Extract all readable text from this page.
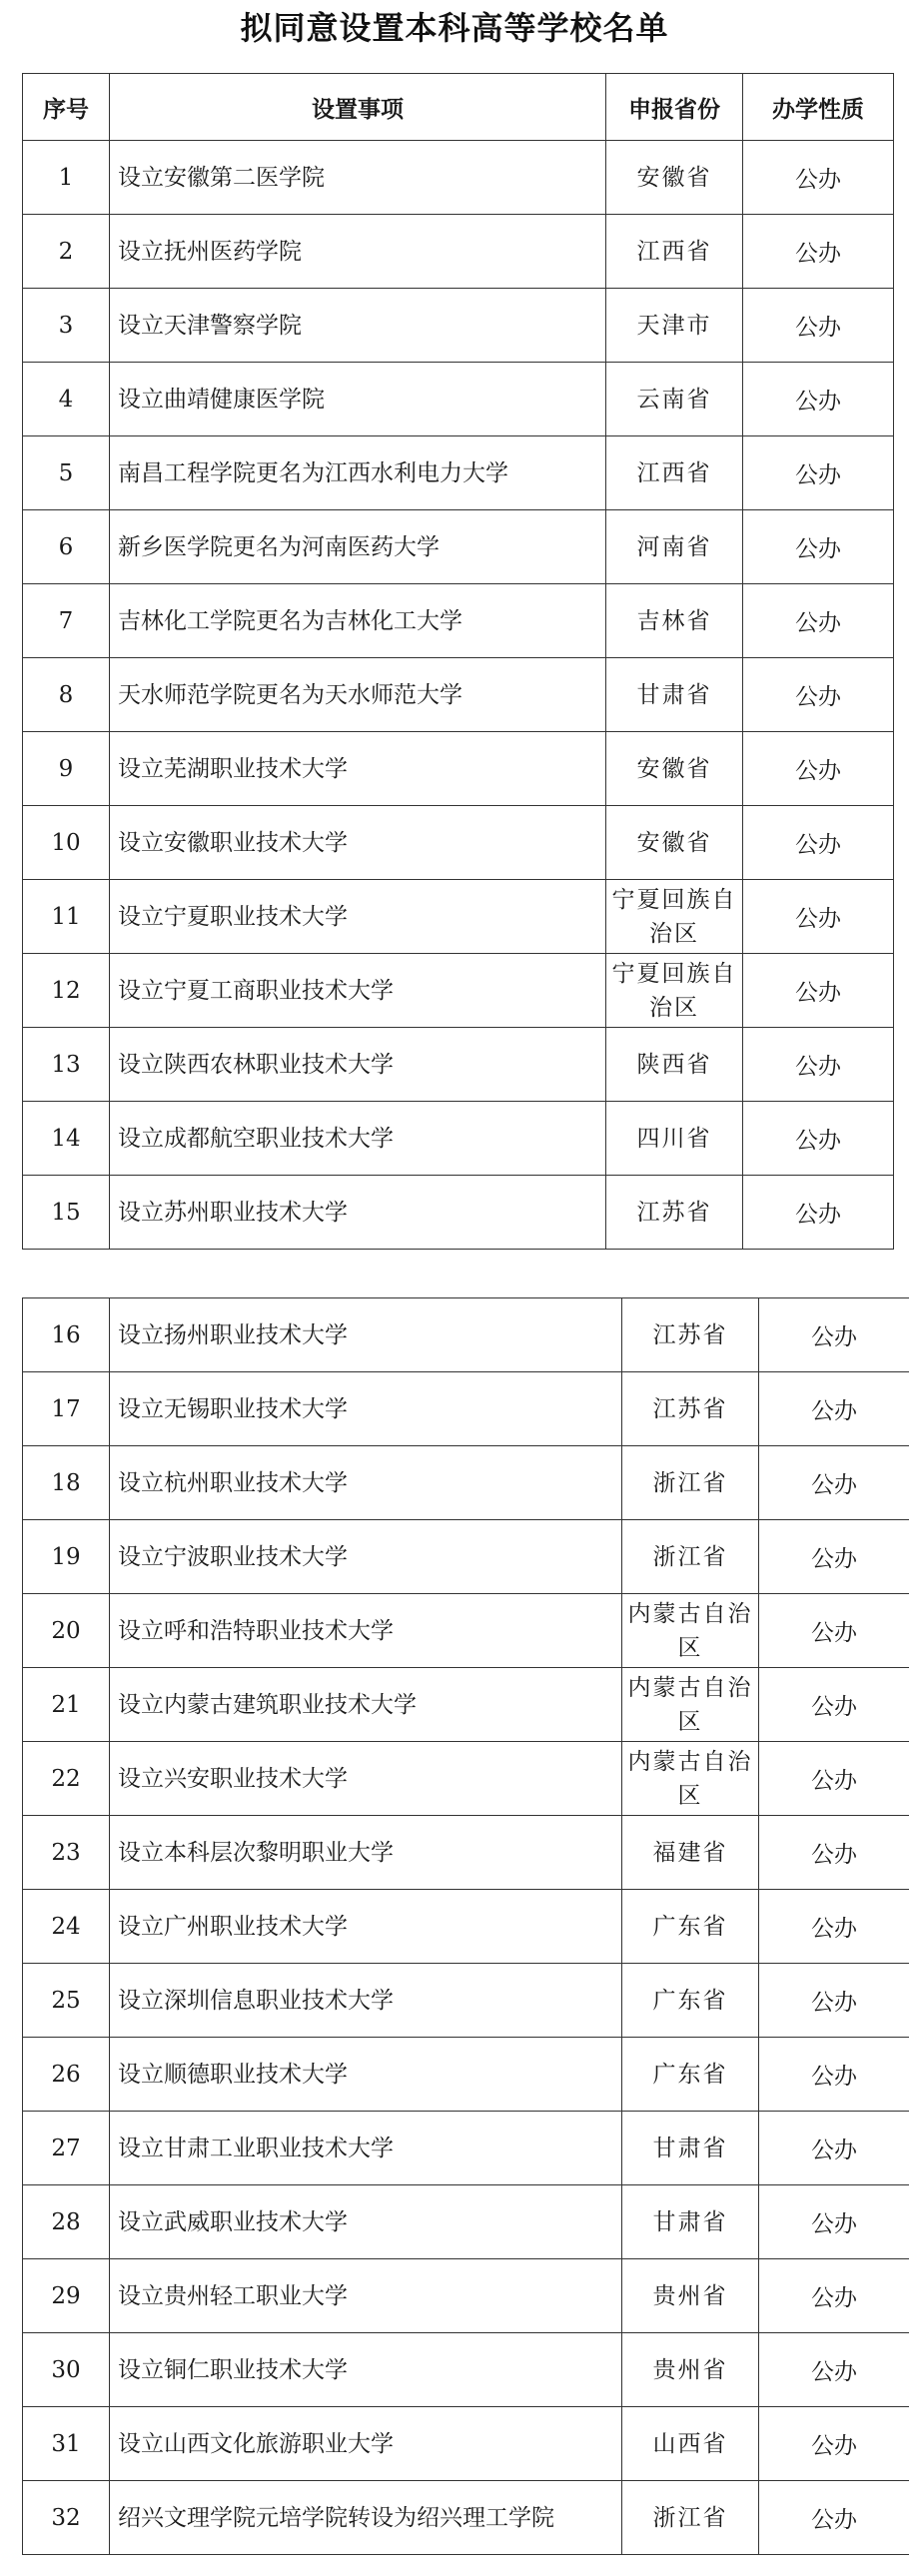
拟同意设置本科高等学校名单
序号	设置事项	申报省份	办学性质
1	设立安徽第二医学院	安徽省	公办
2	设立抚州医药学院	江西省	公办
3	设立天津警察学院	天津市	公办
4	设立曲靖健康医学院	云南省	公办
5	南昌工程学院更名为江西水利电力大学	江西省	公办
6	新乡医学院更名为河南医药大学	河南省	公办
7	吉林化工学院更名为吉林化工大学	吉林省	公办
8	天水师范学院更名为天水师范大学	甘肃省	公办
9	设立芜湖职业技术大学	安徽省	公办
10	设立安徽职业技术大学	安徽省	公办
11	设立宁夏职业技术大学	宁夏回族自治区	公办
12	设立宁夏工商职业技术大学	宁夏回族自治区	公办
13	设立陕西农林职业技术大学	陕西省	公办
14	设立成都航空职业技术大学	四川省	公办
15	设立苏州职业技术大学	江苏省	公办
16	设立扬州职业技术大学	江苏省	公办
17	设立无锡职业技术大学	江苏省	公办
18	设立杭州职业技术大学	浙江省	公办
19	设立宁波职业技术大学	浙江省	公办
20	设立呼和浩特职业技术大学	内蒙古自治区	公办
21	设立内蒙古建筑职业技术大学	内蒙古自治区	公办
22	设立兴安职业技术大学	内蒙古自治区	公办
23	设立本科层次黎明职业大学	福建省	公办
24	设立广州职业技术大学	广东省	公办
25	设立深圳信息职业技术大学	广东省	公办
26	设立顺德职业技术大学	广东省	公办
27	设立甘肃工业职业技术大学	甘肃省	公办
28	设立武威职业技术大学	甘肃省	公办
29	设立贵州轻工职业大学	贵州省	公办
30	设立铜仁职业技术大学	贵州省	公办
31	设立山西文化旅游职业大学	山西省	公办
32	绍兴文理学院元培学院转设为绍兴理工学院	浙江省	公办
